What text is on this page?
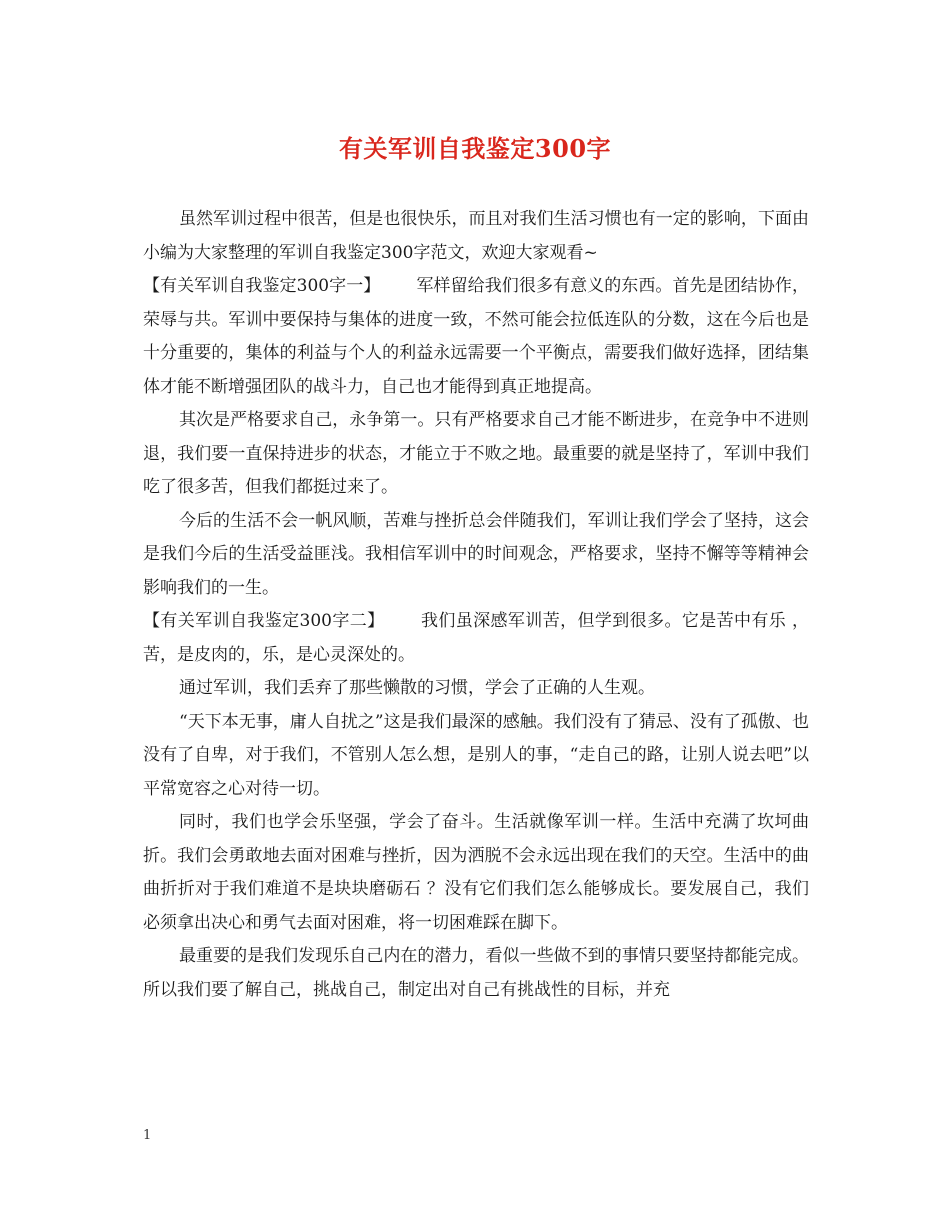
有关军训自我鉴定300字

虽然军训过程中很苦，但是也很快乐，而且对我们生活习惯也有一定的影响，下面由小编为大家整理的军训自我鉴定300字范文，欢迎大家观看~

【有关军训自我鉴定300字一】 军样留给我们很多有意义的东西。首先是团结协作，荣辱与共。军训中要保持与集体的进度一致，不然可能会拉低连队的分数，这在今后也是十分重要的，集体的利益与个人的利益永远需要一个平衡点，需要我们做好选择，团结集体才能不断增强团队的战斗力，自己也才能得到真正地提高。

其次是严格要求自己，永争第一。只有严格要求自己才能不断进步，在竞争中不进则退，我们要一直保持进步的状态，才能立于不败之地。最重要的就是坚持了，军训中我们吃了很多苦，但我们都挺过来了。

今后的生活不会一帆风顺，苦难与挫折总会伴随我们，军训让我们学会了坚持，这会是我们今后的生活受益匪浅。我相信军训中的时间观念，严格要求，坚持不懈等等精神会影响我们的一生。

【有关军训自我鉴定300字二】 我们虽深感军训苦，但学到很多。它是苦中有乐 ，苦，是皮肉的，乐，是心灵深处的。

通过军训，我们丢弃了那些懒散的习惯，学会了正确的人生观。

“天下本无事，庸人自扰之”这是我们最深的感触。我们没有了猜忌、没有了孤傲、也没有了自卑，对于我们，不管别人怎么想，是别人的事，“走自己的路，让别人说去吧”以平常宽容之心对待一切。

同时，我们也学会乐坚强，学会了奋斗。生活就像军训一样。生活中充满了坎坷曲折。我们会勇敢地去面对困难与挫折，因为洒脱不会永远出现在我们的天空。生活中的曲曲折折对于我们难道不是块块磨砺石 ？没有它们我们怎么能够成长。要发展自己，我们必须拿出决心和勇气去面对困难，将一切困难踩在脚下。

最重要的是我们发现乐自己内在的潜力，看似一些做不到的事情只要坚持都能完成。所以我们要了解自己，挑战自己，制定出对自己有挑战性的目标，并充

1
